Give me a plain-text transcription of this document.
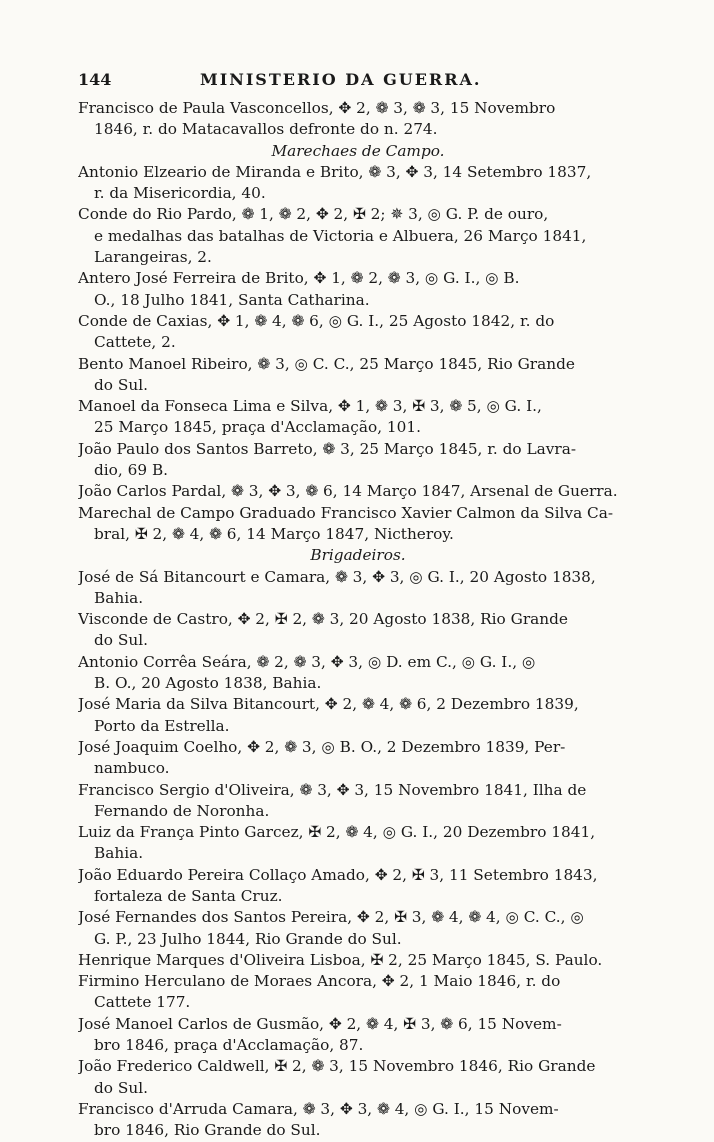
144	MINISTERIO DA GUERRA.
Francisco de Paula Vasconcellos, ✥ 2, ❁ 3, ❁ 3, 15 Novembro
1846, r. do Matacavallos defronte do n. 274.
Marechaes de Campo.
Antonio Elzeario de Miranda e Brito, ❁ 3, ✥ 3, 14 Setembro 1837,
r. da Misericordia, 40.
Conde do Rio Pardo, ❁ 1, ❁ 2, ✥ 2, ✠ 2; ✵ 3, ◎ G. P. de ouro,
e medalhas das batalhas de Victoria e Albuera, 26 Março 1841,
Larangeiras, 2.
Antero José Ferreira de Brito, ✥ 1, ❁ 2, ❁ 3, ◎ G. I., ◎ B.
O., 18 Julho 1841, Santa Catharina.
Conde de Caxias, ✥ 1, ❁ 4, ❁ 6, ◎ G. I., 25 Agosto 1842, r. do
Cattete, 2.
Bento Manoel Ribeiro, ❁ 3, ◎ C. C., 25 Março 1845, Rio Grande
do Sul.
Manoel da Fonseca Lima e Silva, ✥ 1, ❁ 3, ✠ 3, ❁ 5, ◎ G. I.,
25 Março 1845, praça d'Acclamação, 101.
João Paulo dos Santos Barreto, ❁ 3, 25 Março 1845, r. do Lavra-
dio, 69 B.
João Carlos Pardal, ❁ 3, ✥ 3, ❁ 6, 14 Março 1847, Arsenal de Guerra.
Marechal de Campo Graduado Francisco Xavier Calmon da Silva Ca-
bral, ✠ 2, ❁ 4, ❁ 6, 14 Março 1847, Nictheroy.
Brigadeiros.
José de Sá Bitancourt e Camara, ❁ 3, ✥ 3, ◎ G. I., 20 Agosto 1838,
Bahia.
Visconde de Castro, ✥ 2, ✠ 2, ❁ 3, 20 Agosto 1838, Rio Grande
do Sul.
Antonio Corrêa Seára, ❁ 2, ❁ 3, ✥ 3, ◎ D. em C., ◎ G. I., ◎
B. O., 20 Agosto 1838, Bahia.
José Maria da Silva Bitancourt, ✥ 2, ❁ 4, ❁ 6, 2 Dezembro 1839,
Porto da Estrella.
José Joaquim Coelho, ✥ 2, ❁ 3, ◎ B. O., 2 Dezembro 1839, Per-
nambuco.
Francisco Sergio d'Oliveira, ❁ 3, ✥ 3, 15 Novembro 1841, Ilha de
Fernando de Noronha.
Luiz da França Pinto Garcez, ✠ 2, ❁ 4, ◎ G. I., 20 Dezembro 1841,
Bahia.
João Eduardo Pereira Collaço Amado, ✥ 2, ✠ 3, 11 Setembro 1843,
fortaleza de Santa Cruz.
José Fernandes dos Santos Pereira, ✥ 2, ✠ 3, ❁ 4, ❁ 4, ◎ C. C., ◎
G. P., 23 Julho 1844, Rio Grande do Sul.
Henrique Marques d'Oliveira Lisboa, ✠ 2, 25 Março 1845, S. Paulo.
Firmino Herculano de Moraes Ancora, ✥ 2, 1 Maio 1846, r. do
Cattete 177.
José Manoel Carlos de Gusmão, ✥ 2, ❁ 4, ✠ 3, ❁ 6, 15 Novem-
bro 1846, praça d'Acclamação, 87.
João Frederico Caldwell, ✠ 2, ❁ 3, 15 Novembro 1846, Rio Grande
do Sul.
Francisco d'Arruda Camara, ❁ 3, ✥ 3, ❁ 4, ◎ G. I., 15 Novem-
bro 1846, Rio Grande do Sul.
